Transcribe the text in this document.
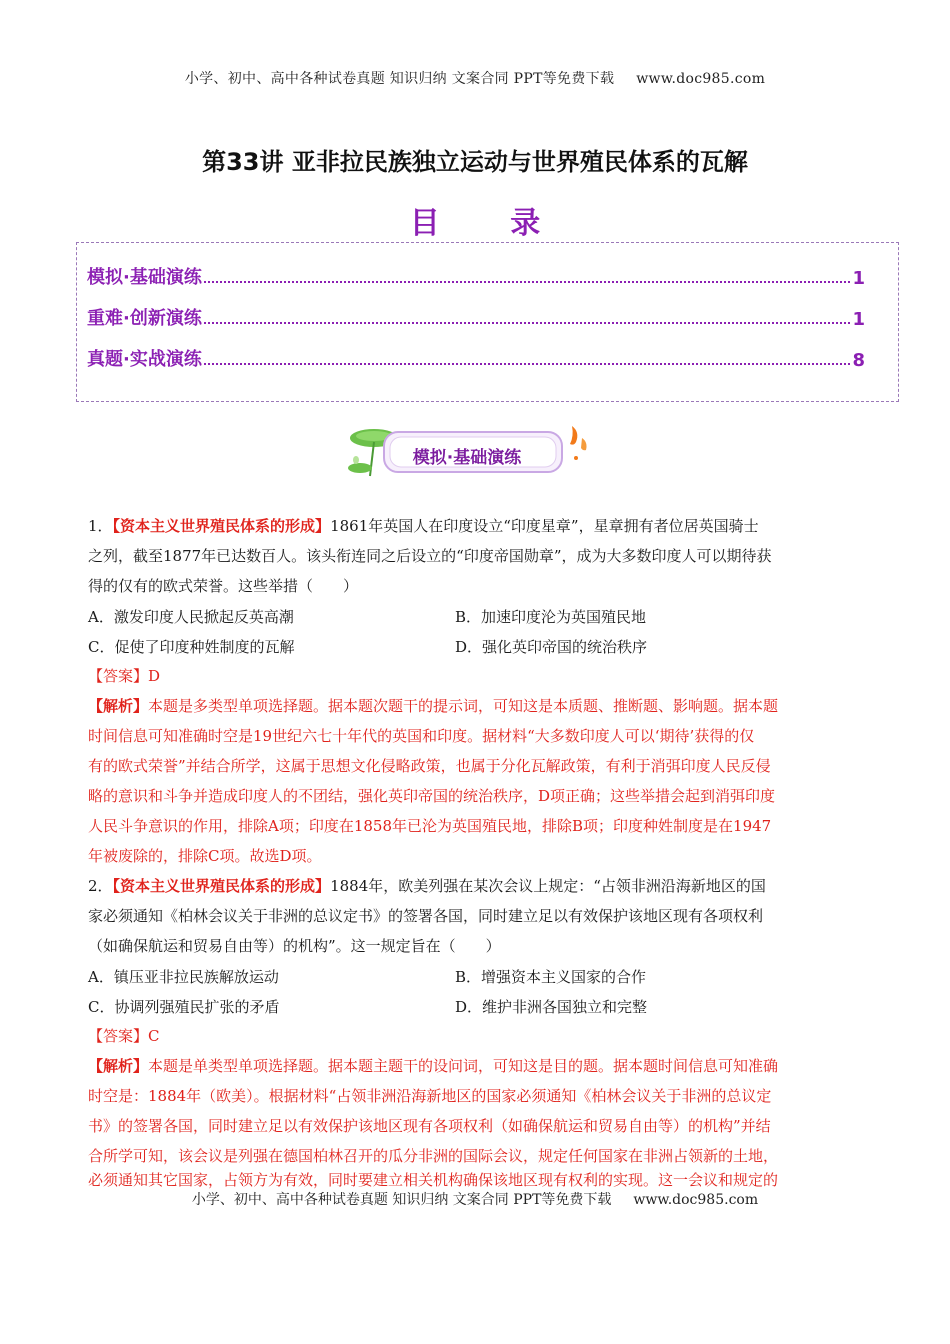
小学、初中、高中各种试卷真题 知识归纳 文案合同 PPT等免费下载 www.doc985.com
第33讲 亚非拉民族独立运动与世界殖民体系的瓦解
目 录
模拟·基础演练	1
重难·创新演练	1
真题·实战演练	8
模拟·基础演练
1．【资本主义世界殖民体系的形成】1861年英国人在印度设立“印度星章”，星章拥有者位居英国骑士
之列，截至1877年已达数百人。该头衔连同之后设立的“印度帝国勋章”，成为大多数印度人可以期待获
得的仅有的欧式荣誉。这些举措（　　）
A．激发印度人民掀起反英高潮	B．加速印度沦为英国殖民地
C．促使了印度种姓制度的瓦解	D．强化英印帝国的统治秩序
【答案】D
【解析】本题是多类型单项选择题。据本题次题干的提示词，可知这是本质题、推断题、影响题。据本题
时间信息可知准确时空是19世纪六七十年代的英国和印度。据材料“大多数印度人可以‘期待’获得的仅
有的欧式荣誉”并结合所学，这属于思想文化侵略政策，也属于分化瓦解政策，有利于消弭印度人民反侵
略的意识和斗争并造成印度人的不团结，强化英印帝国的统治秩序，D项正确；这些举措会起到消弭印度
人民斗争意识的作用，排除A项；印度在1858年已沦为英国殖民地，排除B项；印度种姓制度是在1947
年被废除的，排除C项。故选D项。
2．【资本主义世界殖民体系的形成】1884年，欧美列强在某次会议上规定：“占领非洲沿海新地区的国
家必须通知《柏林会议关于非洲的总议定书》的签署各国，同时建立足以有效保护该地区现有各项权利
（如确保航运和贸易自由等）的机构”。这一规定旨在（　　）
A．镇压亚非拉民族解放运动	B．增强资本主义国家的合作
C．协调列强殖民扩张的矛盾	D．维护非洲各国独立和完整
【答案】C
【解析】本题是单类型单项选择题。据本题主题干的设问词，可知这是目的题。据本题时间信息可知准确
时空是：1884年（欧美）。根据材料“占领非洲沿海新地区的国家必须通知《柏林会议关于非洲的总议定
书》的签署各国，同时建立足以有效保护该地区现有各项权利（如确保航运和贸易自由等）的机构”并结
合所学可知，该会议是列强在德国柏林召开的瓜分非洲的国际会议，规定任何国家在非洲占领新的土地，
必须通知其它国家，占领方为有效，同时要建立相关机构确保该地区现有权利的实现。这一会议和规定的
小学、初中、高中各种试卷真题 知识归纳 文案合同 PPT等免费下载 www.doc985.com
